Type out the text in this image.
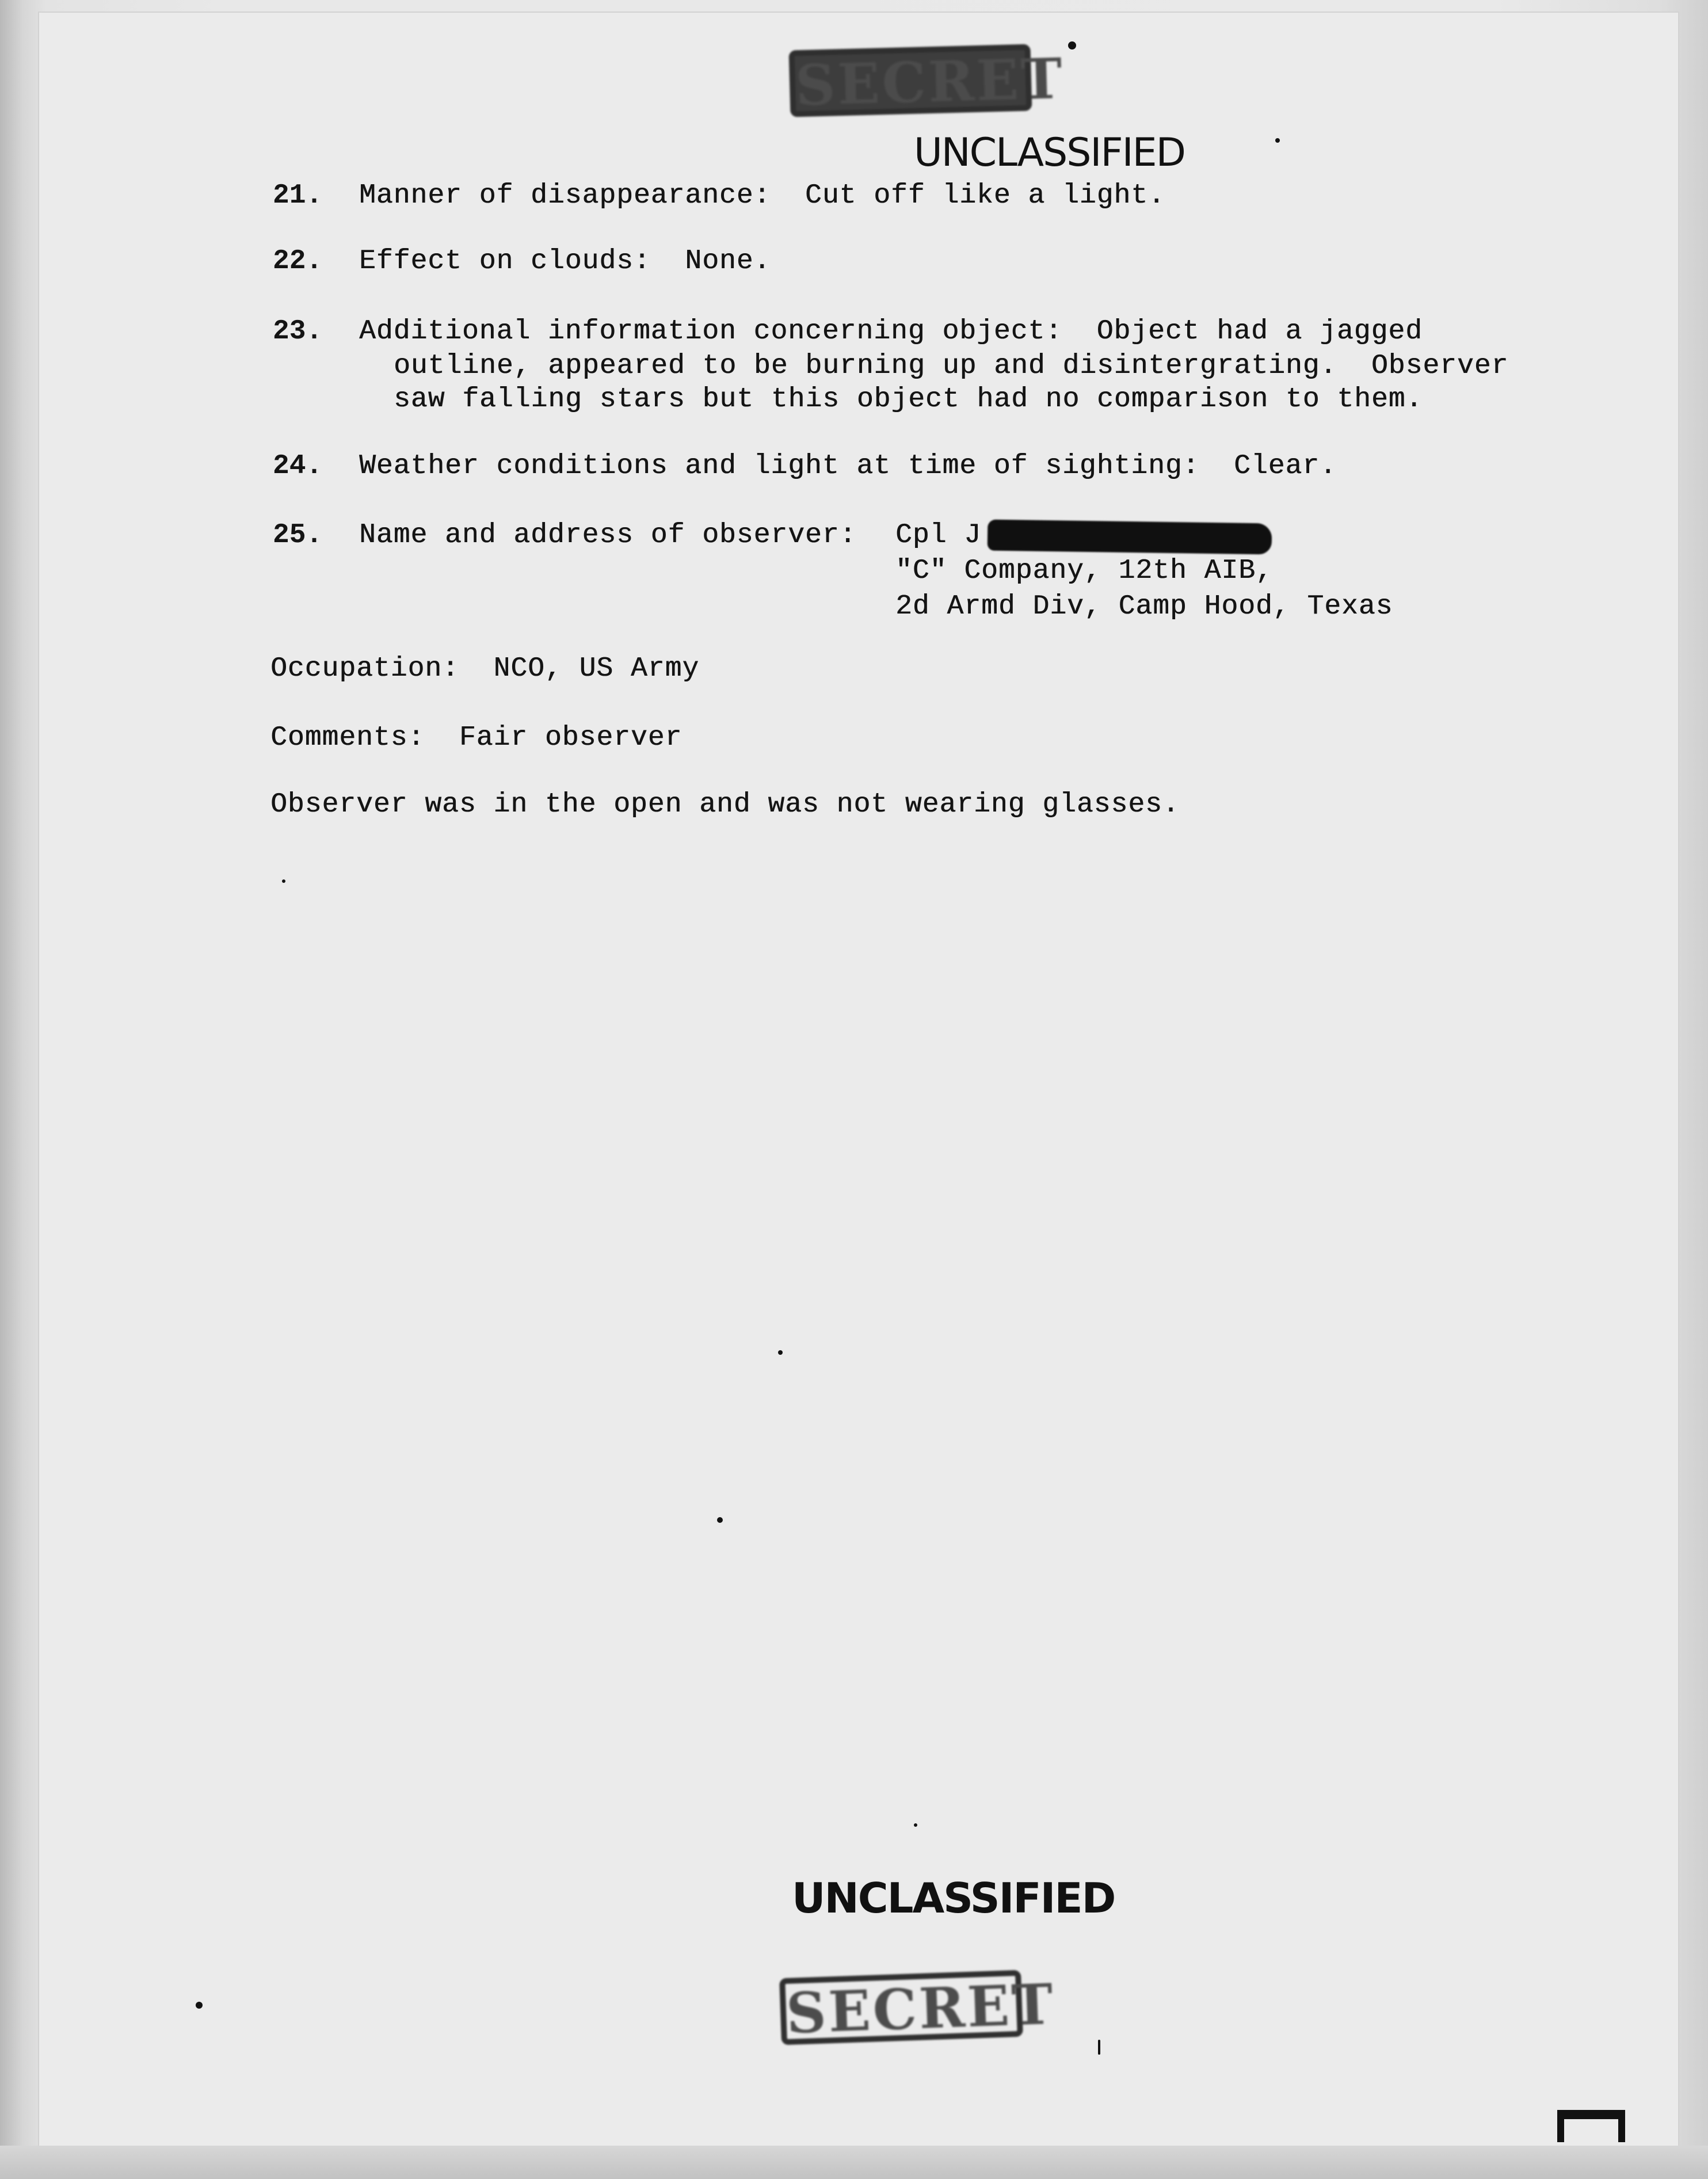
SECRET
UNCLASSIFIED
21. Manner of disappearance:  Cut off like a light.
22. Effect on clouds:  None.
23. Additional information concerning object:  Object had a jagged
outline, appeared to be burning up and disintergrating.  Observer
saw falling stars but this object had no comparison to them.
24. Weather conditions and light at time of sighting:  Clear.
25. Name and address of observer: Cpl J
"C" Company, 12th AIB,
2d Armd Div, Camp Hood, Texas
Occupation:  NCO, US Army
Comments:  Fair observer
Observer was in the open and was not wearing glasses.
UNCLASSIFIED
SECRET
